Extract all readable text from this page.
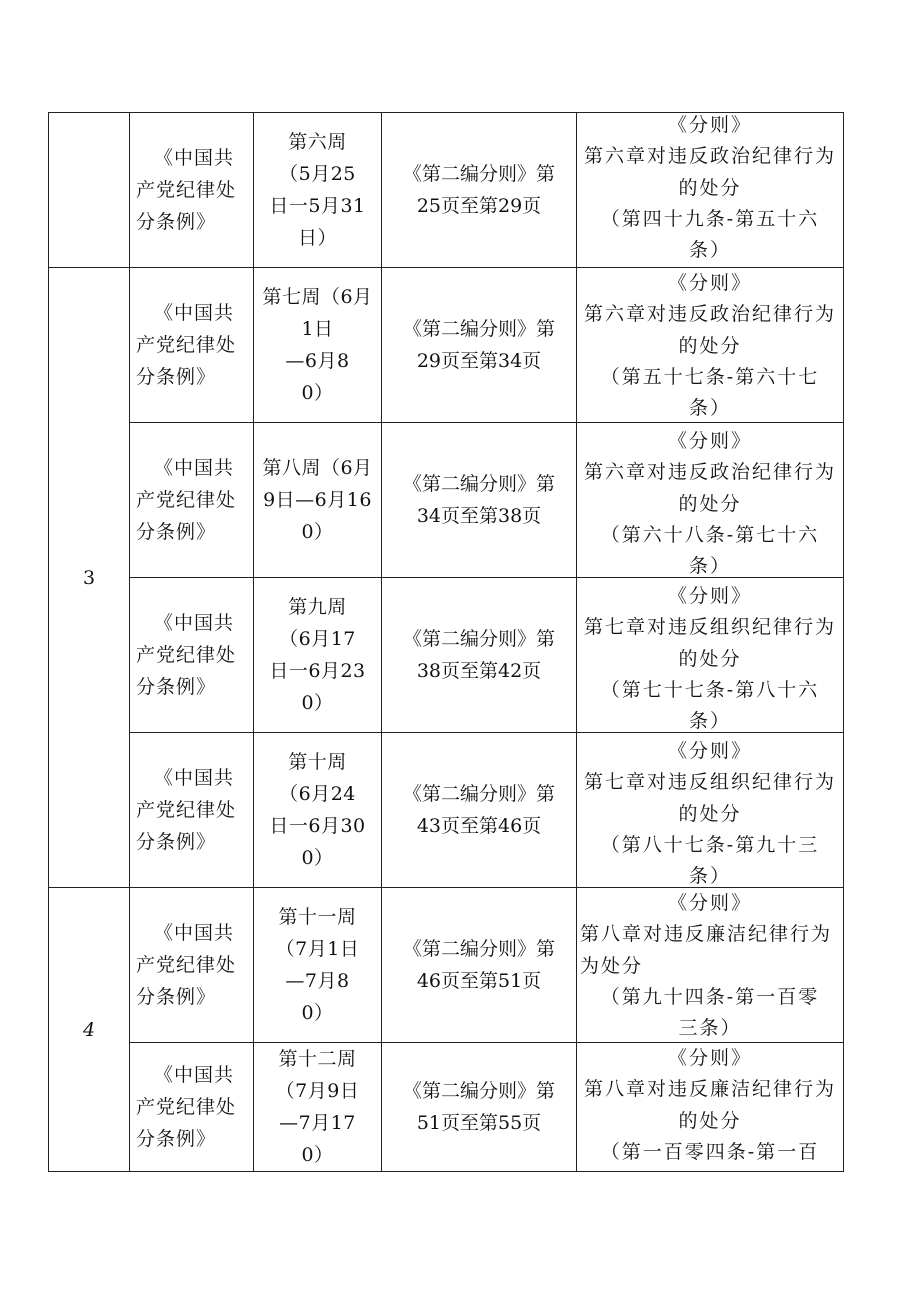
	《中国共产党纪律处分条例》	第六周
（5月25
日一5月31
日）	《第二编分则》第
25页至第29页	《分则》
第六章对违反政治纪律行为
的处分
（第四十九条-第五十六
条）

3	《中国共产党纪律处分条例》	第七周（6月
1日
—6月8
0）	《第二编分则》第
29页至第34页	《分则》
第六章对违反政治纪律行为
的处分
（第五十七条-第六十七
条）

	《中国共产党纪律处分条例》	第八周（6月
9日—6月16
0）	《第二编分则》第
34页至第38页	《分则》
第六章对违反政治纪律行为
的处分
（第六十八条-第七十六
条）

	《中国共产党纪律处分条例》	第九周
（6月17
日一6月23
0）	《第二编分则》第
38页至第42页	《分则》
第七章对违反组织纪律行为
的处分
（第七十七条-第八十六
条）

	《中国共产党纪律处分条例》	第十周
（6月24
日一6月30
0）	《第二编分则》第
43页至第46页	《分则》
第七章对违反组织纪律行为
的处分
（第八十七条-第九十三
条）

4	《中国共产党纪律处分条例》	第十一周
（7月1日
—7月8
0）	《第二编分则》第
46页至第51页	《分则》
第八章对违反廉洁纪律行为
为处分
（第九十四条-第一百零
三条）

	《中国共产党纪律处分条例》	第十二周
（7月9日
—7月17
0）	《第二编分则》第
51页至第55页	《分则》
第八章对违反廉洁纪律行为
的处分
（第一百零四条-第一百
